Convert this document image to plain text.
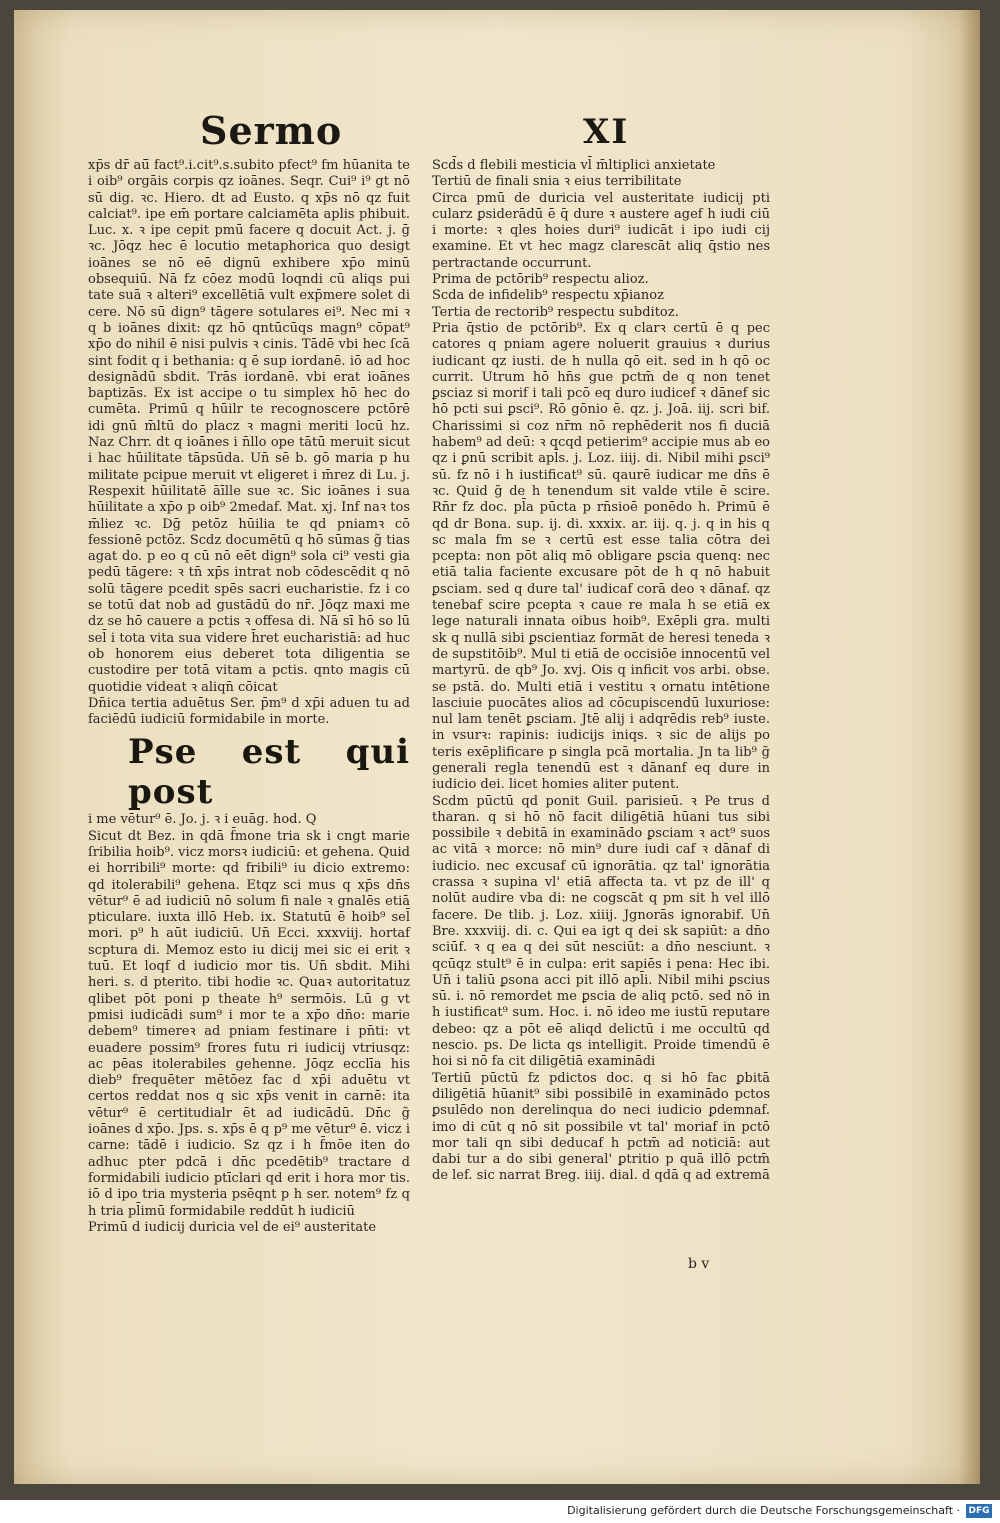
Sermo	XI

xp̄s dr̄ aū̄ fact⁹.i.cit⁹.s.subito pfect⁹ fm hūanita te i oib⁹ orgāis corpis qz ioānes. Seqr. Cui⁹ i⁹ gt nō sū dig. ꝛc. Hiero. dt ad Eusto. q xp̄s nō qz fuit calciat⁹. ipe em̄ portare calciamēta aplis phibuit. Luc. x. ꝛ ipe cepit pmū facere q docuit Act. j. ḡ ꝛc. Jōqz hec ē locutio metaphorica quo desigt ioānes se nō eē dignū exhibere xp̄o minū obsequiū. Nā fz cōez modū loqndi cū aliqs pui tate suā ꝛ alteri⁹ excellētiā vult exp̄mere solet di cere. Nō sū dign⁹ tāgere sotulares ei⁹. Nec mi ꝛ q b ioānes dixit: qz hō qntūcūqs magn⁹ cōpat⁹ xp̄o do nihil ē nisi pulvis ꝛ cinis. Tādē vbi hec ſcā sint fodit q i bethania: q ē sup iordanē. iō ad hoc designādū sbdit. Trās iordanē. vbi erat ioānes baptizās. Ex ist accipe o tu simplex hō hec do cumēta. Primū q hūilr te recognoscere pctōrē idi gnū m̄ltū do placz ꝛ magni meriti locū hz. Naz Chrr. dt q ioānes i n̄llo ope tātū meruit sicut i hac hūilitate tāpsūda. Un̄ sē b. gō maria p hu militate pcipue meruit vt eligeret i m̄rez di Lu. j. Respexit hūilitatē āīlle sue ꝛc. Sic ioānes i sua hūilitate a xp̄o p oib⁹ 2medaf. Mat. xj. Inf naꝛ tos m̄liez ꝛc. Dḡ petōz hūilia te qd pniamꝛ cō fessionē pctōz. Scdz documētū q hō sūmas g̃ tias agat do. p eo q cū nō eēt dign⁹ sola ci⁹ vesti gia pedū tāgere: ꝛ tn̄ xp̄s intrat nob cōdescēdit q nō solū tāgere pcedit spēs sacri eucharistie. fz i co se totū dat nob ad gustādū do nr̄. Jōqz maxi me dz se hō cauere a pctis ꝛ offesa di. Nā sī hō so lū sel̄ i tota vita sua videre h̄ret eucharistiā: ad huc ob honorem eius deberet tota diligentia se custodire per totā vitam a pctis. qnto magis cū quotidie videat ꝛ aliqn̄ cōicat

Dn̄ica tertia aduētus Ser. p̄m⁹ d xp̄i aduen tu ad faciēdū iudiciū formidabile in morte.

Pse est qui post

i me vētur⁹ ē. Jo. j. ꝛ i euāg. hod. Q

Sicut dt Bez. in qdā f̄mone tria sk i cngt marie ſribilia hoib⁹. vicz morsꝛ iudiciū: et gehena. Quid ei horribili⁹ morte: qd fribili⁹ iu dicio extremo: qd itolerabili⁹ gehena. Etqz sci mus q xp̄s dn̄s vētur⁹ ē ad iudiciū nō solum fi nale ꝛ gnalēs etiā pticulare. iuxta illō Heb. ix. Statutū ē hoib⁹ sel̄ mori. p⁹ h aūt iudiciū. Un̄ Ecci. xxxviij. hortaf scptura di. Memoz esto iu dicij mei sic ei erit ꝛ tuū. Et loqf d iudicio mor tis. Un̄ sbdit. Mihi heri. s. d pterito. tibi hodie ꝛc. Quaꝛ autoritatuz qlibet pōt poni p theate h⁹ sermōis. Lū g vt pmisi iudicādi sum⁹ i mor te a xp̄o dn̄o: marie debem⁹ timereꝛ ad pniam festinare i pn̄ti: vt euadere possim⁹ frores futu ri iudicij vtriusqz: ac pēas itolerabiles gehenne. Jōqz ecclīa his dieb⁹ frequēter mētōez fac d xp̄i aduētu vt certos reddat nos q sic xp̄s venit in carnē: ita vētur⁹ ē certitudialr ēt ad iudicādū. Dn̄c g̃ ioānes d xp̄o. Jps. s. xp̄s ē q p⁹ me vētur⁹ ē. vicz i carne: tādē i iudicio. Sz qz i h f̄mōe iten do adhuc pter pdcā i dn̄c pcedētib⁹ tractare d formidabili iudicio ptīclari qd erit i hora mor tis. iō d ipo tria mysteria psēqnt p h ser. notem⁹ fz q h tria pl̄imū formidabile reddūt h iudiciū

Primū d iudicij duricia vel de ei⁹ austeritate

Scd̄s d flebili mesticia vl̄ m̄ltiplici anxietate

Tertiū de finali snia ꝛ eius terribilitate

Circa pmū de duricia vel austeritate iudicij pti cularz ꝑsiderādū ē q̄ dure ꝛ austere agef h iudi ciū i morte: ꝛ qles hoies duri⁹ iudicāt i ipo iudi cij examine. Et vt hec magz clarescāt aliq q̄stio nes pertractande occurrunt.

Prima de pctōrib⁹ respectu alioz.

Scda de infidelib⁹ respectu xp̄ianoz

Tertia de rectorib⁹ respectu subditoz.

Pria q̄stio de pctōrib⁹. Ex q clarꝛ certū ē q pec catores q pniam agere noluerit grauius ꝛ durius iudicant qz iusti. de h nulla qō eit. sed in h qō oc currit. Utrum hō hn̄s gue pctm̄ de q non tenet ꝑsciaz si morif i tali pcō eq duro iudicef ꝛ dānef sic hō pcti sui ꝑsci⁹. Rō gōnio ē. qz. j. Joā. iij. scri bif. Charissimi si coz nr̄m nō rephēderit nos fi duciā habem⁹ ad deū: ꝛ qcqd petierim⁹ accipie mus ab eo qz i ꝑnū scribit apl̄s. j. Loz. iiij. di. Nibil mihi ꝑsci⁹ sū. fz nō i h iustificat⁹ sū. qaurē iudicar me dn̄s ē ꝛc. Quid g̃ de h tenendum sit valde vtile ē scire. Rn̄r fz doc. pl̄a pūcta p rn̄sioē ponēdo h. Primū ē qd dr Bona. sup. ij. di. xxxix. ar. iij. q. j. q in his q sc mala fm se ꝛ certū est esse talia cōtra dei pcepta: non pōt aliq mō obligare ꝑscia quenq: nec etiā talia faciente excusare pōt de h q nō habuit ꝑsciam. sed q dure tal' iudicaf corā deo ꝛ dānaf. qz tenebaf scire pcepta ꝛ caue re mala h se etiā ex lege naturali innata oibus hoib⁹. Exēpli gra. multi sk q nullā sibi ꝑscientiaz formāt de heresi teneda ꝛ de supstitōib⁹. Mul ti etiā de occisiōe innocentū vel martyrū. de qb⁹ Jo. xvj. Ois q inficit vos arbi. obse. se pstā. do. Multi etiā i vestitu ꝛ ornatu intētione lasciuie puocātes alios ad cōcupiscendū luxuriose: nul lam tenēt ꝑsciam. Jtē alij i adqrēdis reb⁹ iuste. in vsurꝛ: rapinis: iudicijs iniqs. ꝛ sic de alijs po teris exēplificare p singla pcā mortalia. Jn ta lib⁹ g̃ generali regla tenendū est ꝛ dānanf eq dure in iudicio dei. licet homies aliter putent.

Scdm pūctū qd ponit Guil. parisieū. ꝛ Pe trus d tharan. q si hō nō facit diligētiā hūani tus sibi possibile ꝛ debitā in examinādo ꝑsciam ꝛ act⁹ suos ac vitā ꝛ morce: nō min⁹ dure iudi caf ꝛ dānaf di iudicio. nec excusaf cū ignorātia. qz tal' ignorātia crassa ꝛ supina vl' etiā affecta ta. vt pz de ill' q nolūt audire vba di: ne cogscāt q pm sit h vel illō facere. De tlib. j. Loz. xiiij. Jgnorās ignorabif. Un̄ Bre. xxxviij. di. c. Qui ea igt q dei sk sapiūt: a dn̄o sciūf. ꝛ q ea q dei sūt nesciūt: a dn̄o nesciunt. ꝛ qcūqz stult⁹ ē in culpa: erit sapiēs i pena: Hec ibi. Un̄ i taliū ꝑsona acci pit illō apl̄i. Nibil mihi ꝑscius sū. i. nō remordet me ꝑscia de aliq pctō. sed nō in h iustificat⁹ sum. Hoc. i. nō ideo me iustū reputare debeo: qz a pōt eē aliqd delictū i me occultū qd nescio. ps. De licta qs intelligit. Proide timendū ē hoi si nō fa cit diligētiā examinādi

Tertiū pūctū fz pdictos doc. q si hō fac ꝑbitā diligētiā hūanit⁹ sibi possibilē in examinādo pctos ꝑsulēdo non derelinqua do neci iudicio ꝑdemnaf. imo di cūt q nō sit possibile vt tal' moriaf in pctō mor tali qn sibi deducaf h pctm̄ ad noticiā: aut dabi tur a do sibi general' ꝑtritio p quā illō pctm̄ de lef. sic narrat Breg. iiij. dial. d qdā q ad extremā

b v
Digitalisierung gefördert durch die Deutsche Forschungsgemeinschaft · DFG
